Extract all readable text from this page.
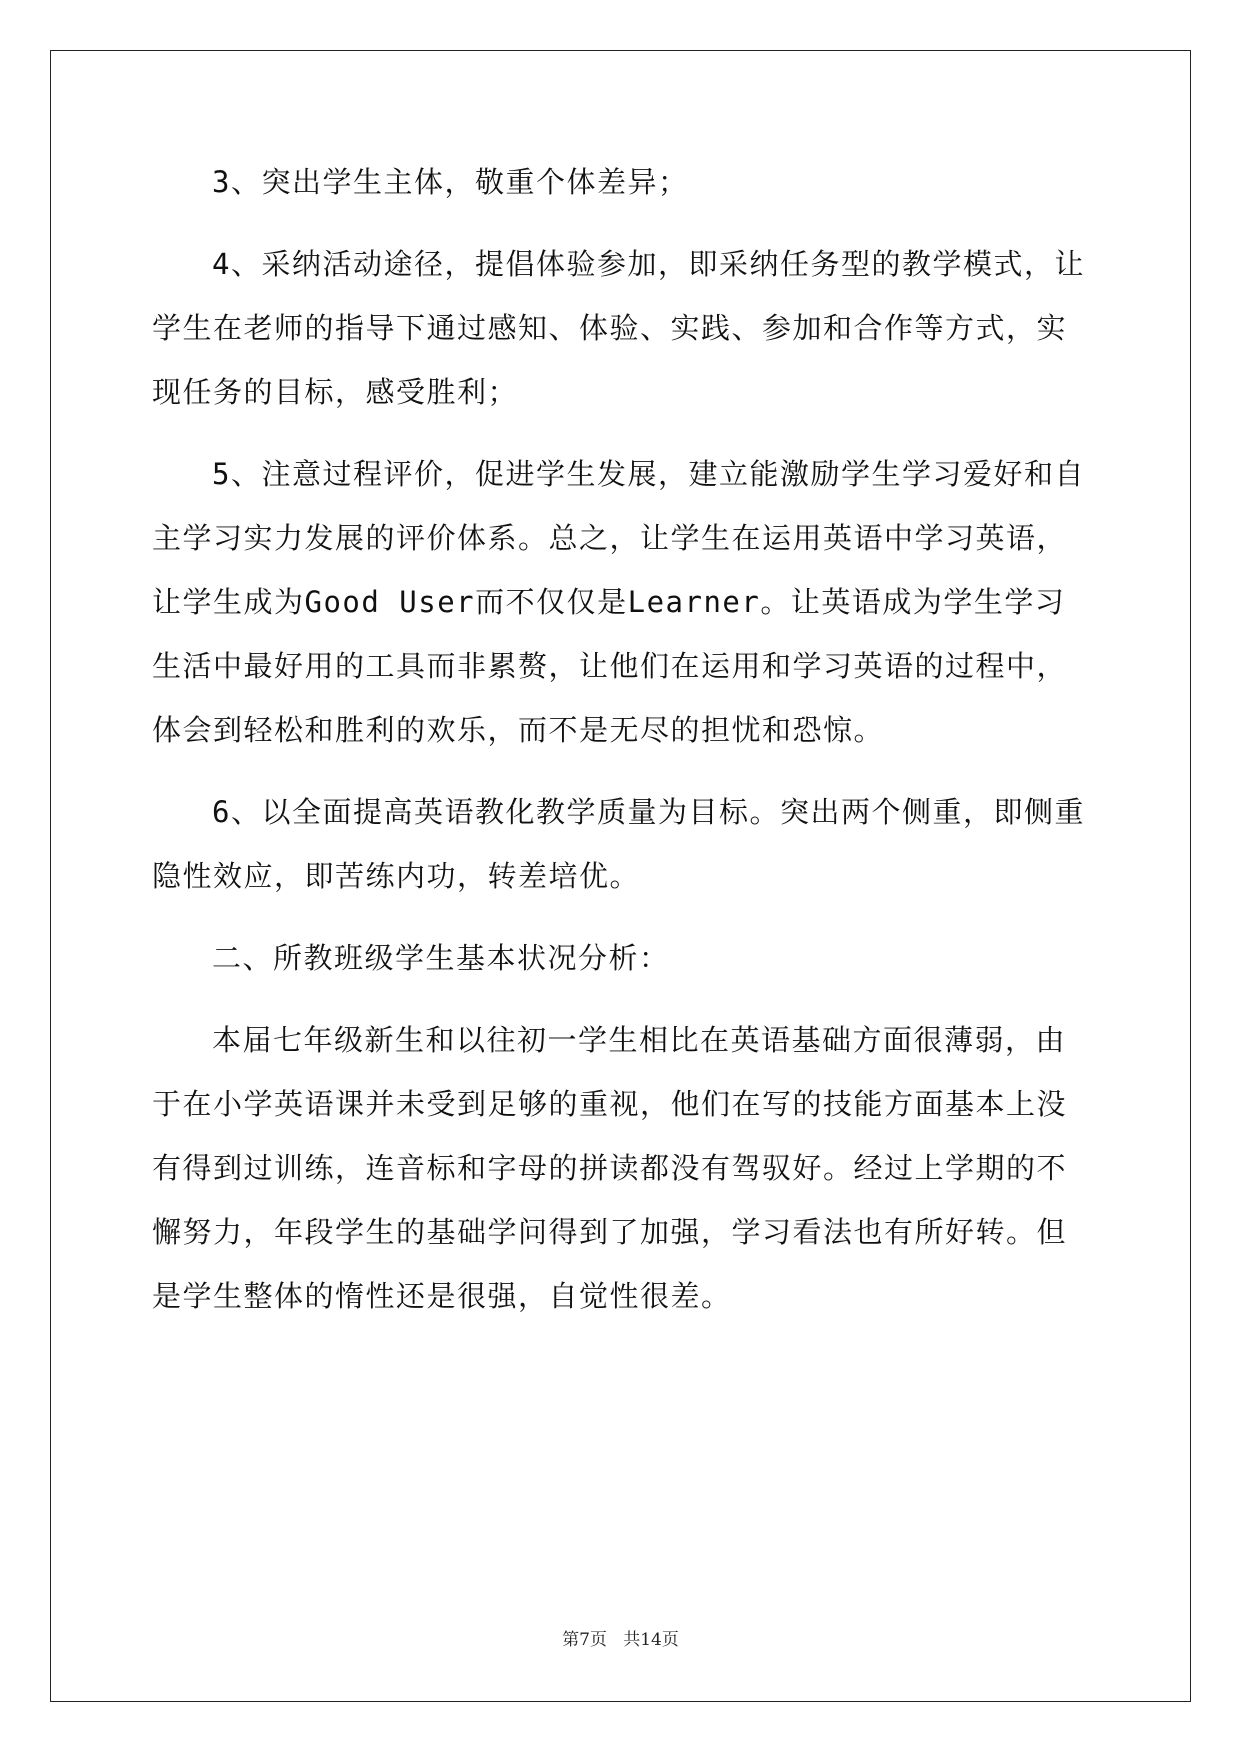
3、突出学生主体，敬重个体差异；

4、采纳活动途径，提倡体验参加，即采纳任务型的教学模式，让学生在老师的指导下通过感知、体验、实践、参加和合作等方式，实现任务的目标，感受胜利；

5、注意过程评价，促进学生发展，建立能激励学生学习爱好和自主学习实力发展的评价体系。总之，让学生在运用英语中学习英语，让学生成为Good User而不仅仅是Learner。让英语成为学生学习生活中最好用的工具而非累赘，让他们在运用和学习英语的过程中，体会到轻松和胜利的欢乐，而不是无尽的担忧和恐惊。

6、以全面提高英语教化教学质量为目标。突出两个侧重，即侧重隐性效应，即苦练内功，转差培优。

二、所教班级学生基本状况分析：

本届七年级新生和以往初一学生相比在英语基础方面很薄弱，由于在小学英语课并未受到足够的重视，他们在写的技能方面基本上没有得到过训练，连音标和字母的拼读都没有驾驭好。经过上学期的不懈努力，年段学生的基础学问得到了加强，学习看法也有所好转。但是学生整体的惰性还是很强，自觉性很差。

第7页 共14页
